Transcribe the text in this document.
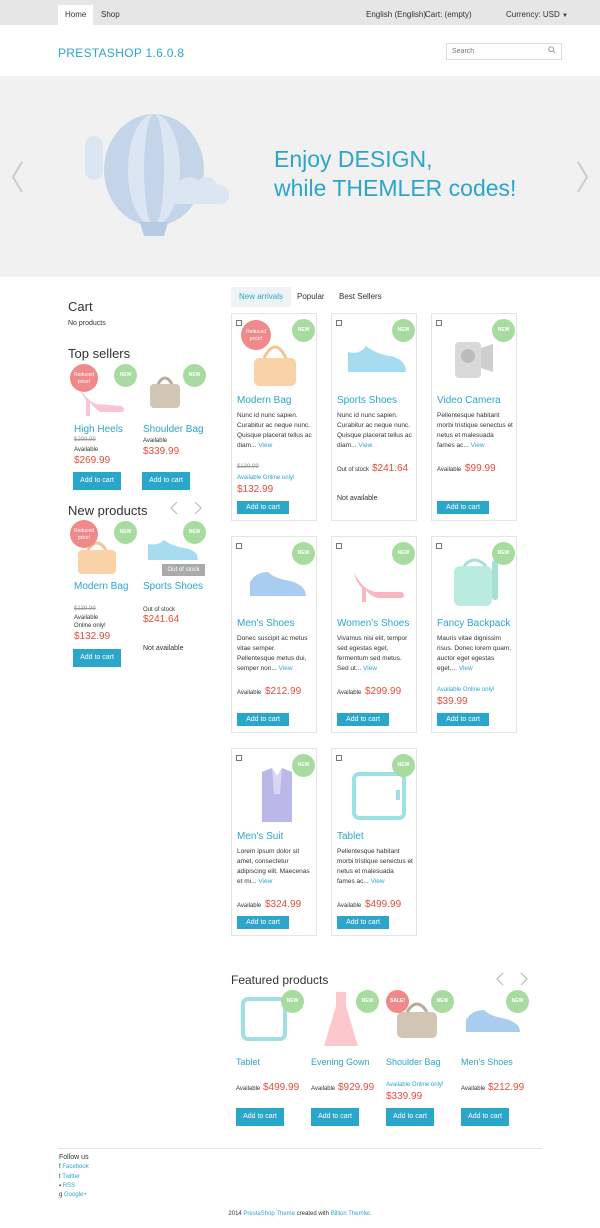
Home	Shop	English (English)
Cart: (empty)	Currency: USD ▼
PRESTASHOP 1.6.0.8
Search
Enjoy DESIGN,
while THEMLER codes!
Cart
No products
Top sellers
Reduced price!
NEW
High Heels
$299.99
Available
$269.99
Add to cart
NEW
Shoulder Bag
Available
$339.99
Add to cart
New products
Reduced price!
NEW
Modern Bag
$139.99
Available
Online only!
$132.99
Add to cart
NEW
Out of stock
Sports Shoes
Out of stock
$241.64
Not available
New arrivals	Popular	Best Sellers
Reduced price!
NEW
Modern Bag
Nunc id nunc sapien. Curabitur ac neque nunc. Quisque placerat tellus ac diam... View
$139.99
Available Online only!
$132.99
Add to cart
NEW
Sports Shoes
Nunc id nunc sapien. Curabitur ac neque nunc. Quisque placerat tellus ac diam... View
Out of stock $241.64
Not available
NEW
Video Camera
Pellentesque habitant morbi tristique senectus et netus et malesuada fames ac... View
Available $99.99
Add to cart
NEW
Men's Shoes
Donec suscipit ac metus vitae semper. Pellentesque metus dui, semper non... View
Available $212.99
Add to cart
NEW
Women's Shoes
Vivamus nisi elit, tempor sed egestas eget, fermentum sed metus. Sed ut... View
Available $299.99
Add to cart
NEW
Fancy Backpack
Mauris vitae dignissim risus. Donec lorem quam, auctor eget egestas eget,... View
Available Online only!
$39.99
Add to cart
NEW
Men's Suit
Lorem ipsum dolor sit amet, consectetur adipiscing elit. Maecenas et mi... View
Available $324.99
Add to cart
NEW
Tablet
Pellentesque habitant morbi tristique senectus et netus et malesuada fames ac... View
Available $499.99
Add to cart
Featured products
NEW
Tablet
Available $499.99
Add to cart
NEW
Evening Gown
Available $929.99
Add to cart
SALE!	NEW
Shoulder Bag
Available Online only!
$339.99
Add to cart
NEW
Men's Shoes
Available $212.99
Add to cart
Follow us
f Facebook
t Twitter
▪ RSS
g Google+
2014 PrestaShop Theme created with Billion Themler.
